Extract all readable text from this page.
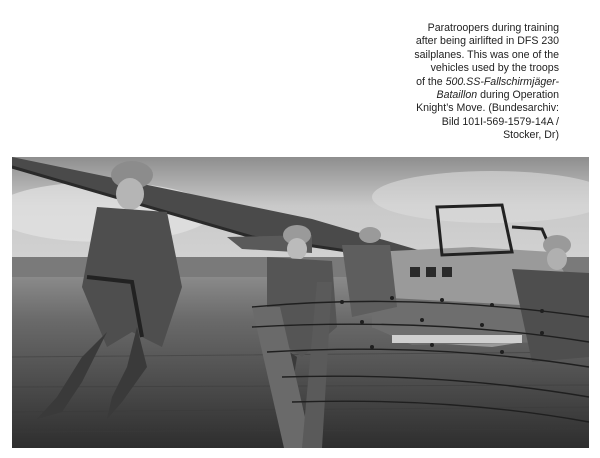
Paratroopers during training
after being airlifted in DFS 230
sailplanes. This was one of the
vehicles used by the troops
of the 500.SS-Fallschirmjäger-
Bataillon during Operation
Knight’s Move. (Bundesarchiv:
Bild 101I-569-1579-14A /
Stocker, Dr)
